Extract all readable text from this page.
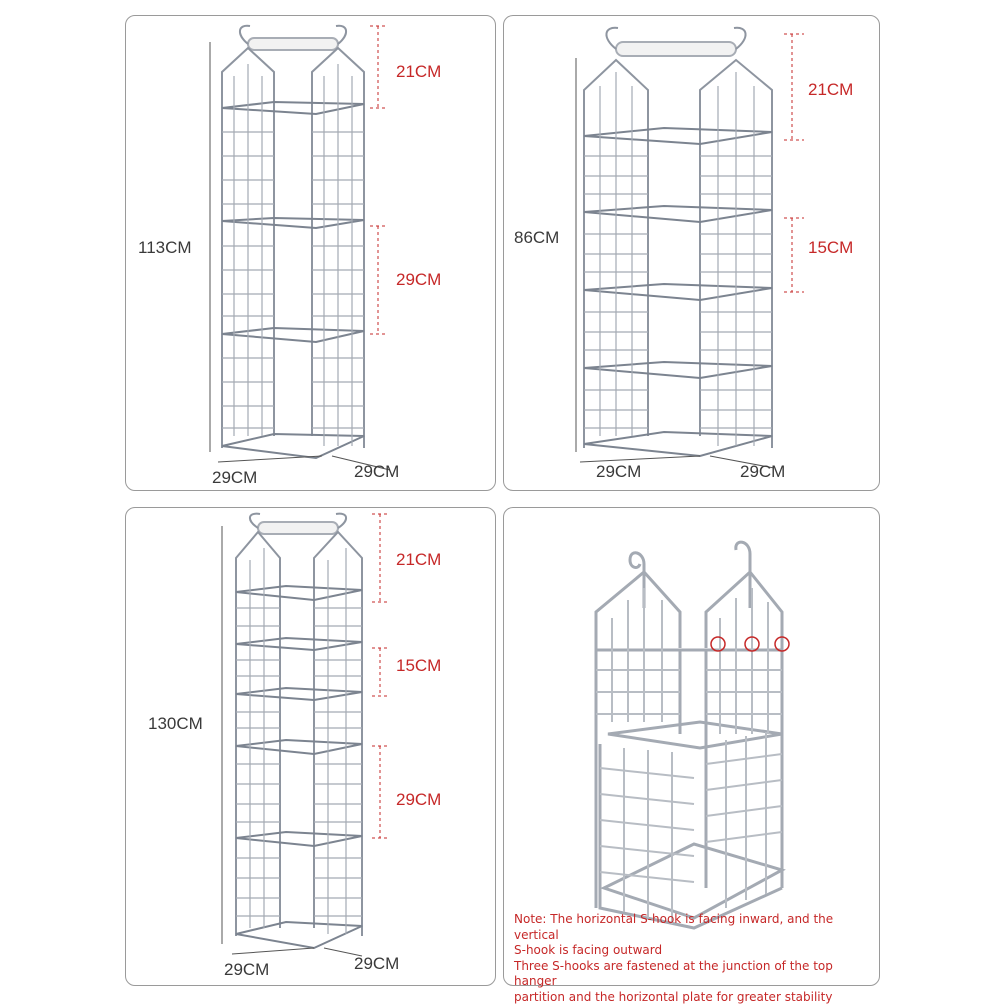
113CM
29CM	29CM
21CM
29CM
86CM
29CM	29CM
21CM
15CM
130CM
29CM	29CM
21CM
15CM
29CM
Note: The horizontal S-hook is facing inward, and the vertical
S-hook is facing outward
Three S-hooks are fastened at the junction of the top hanger
partition and the horizontal plate for greater stability
